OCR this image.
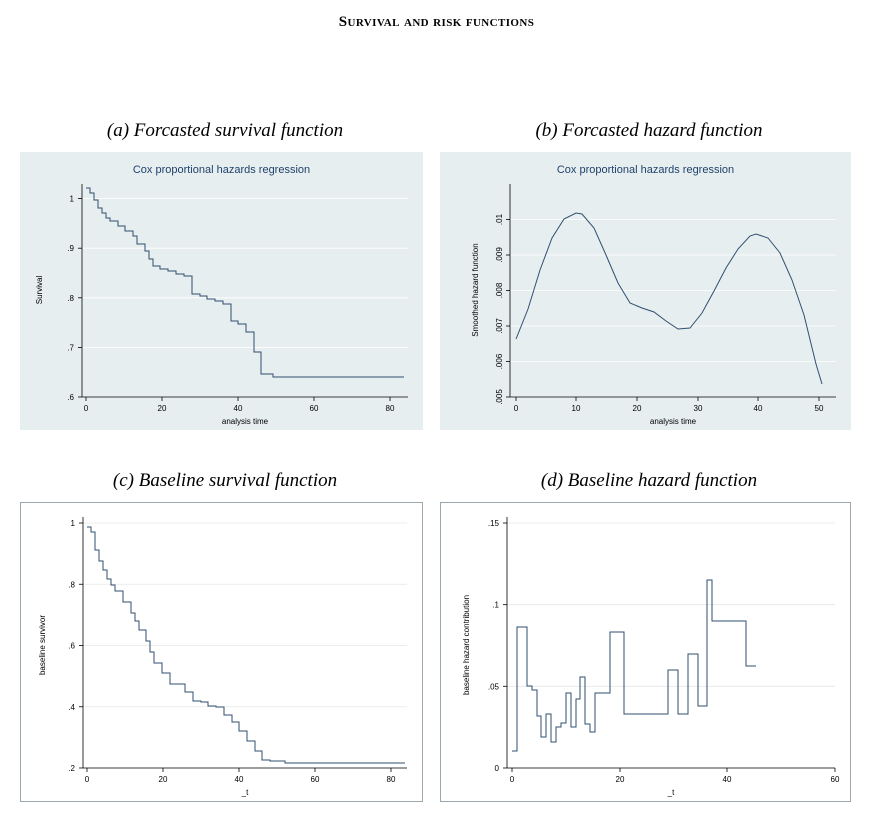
Survival and risk functions
(a) Forcasted survival function
Cox proportional hazards regression
0	20	40	60	80
.6
.7
.8
.9
1
analysis time
Survival
(b) Forcasted hazard function
Cox proportional hazards regression
0	10	20	30	40	50
.005
.006
.007
.008
.009
.01
analysis time
Smoothed hazard function
(c) Baseline survival function
0	20	40	60	80
.2
.4
.6
.8
1
_t
baseline survivor
(d) Baseline hazard function
0	20	40	60
0
.05
.1
.15
_t
baseline hazard contribution
